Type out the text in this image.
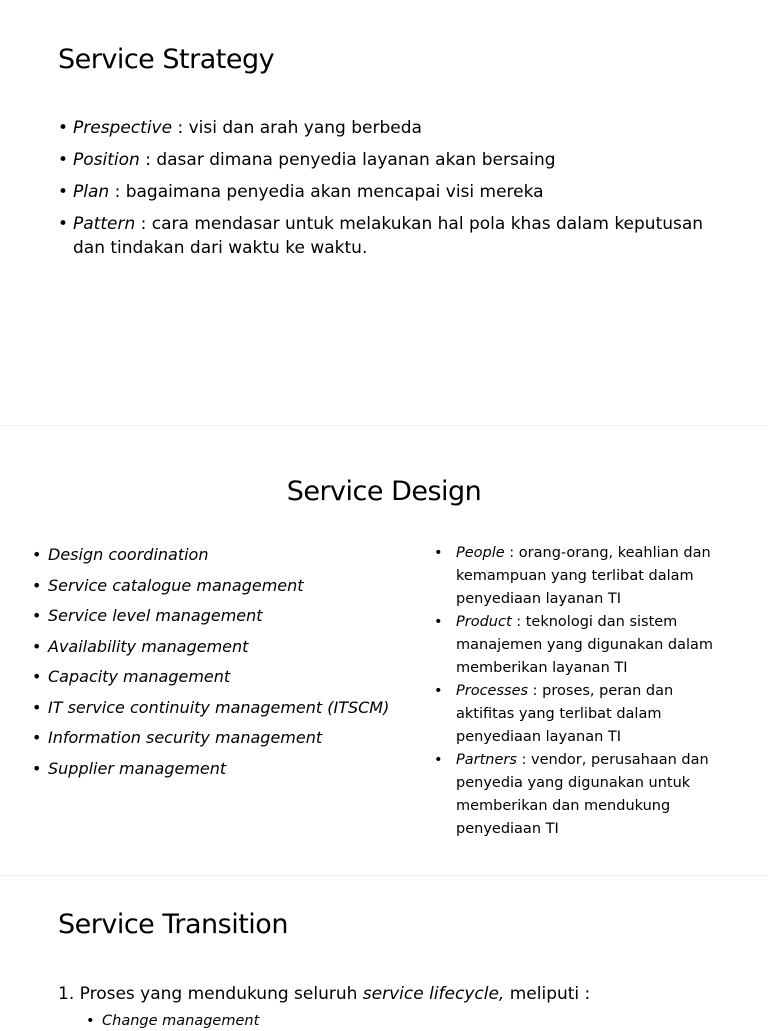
Service Strategy
• Prespective : visi dan arah yang berbeda
• Position : dasar dimana penyedia layanan akan bersaing
• Plan : bagaimana penyedia akan mencapai visi mereka
• Pattern : cara mendasar untuk melakukan hal pola khas dalam keputusan dan tindakan dari waktu ke waktu.
Service Design
• Design coordination
• Service catalogue management
• Service level management
• Availability management
• Capacity management
• IT service continuity management (ITSCM)
• Information security management
• Supplier management
• People : orang-orang, keahlian dan kemampuan yang terlibat dalam penyediaan layanan TI
• Product : teknologi dan sistem manajemen yang digunakan dalam memberikan layanan TI
• Processes : proses, peran dan aktifitas yang terlibat dalam penyediaan layanan TI
• Partners : vendor, perusahaan dan penyedia yang digunakan untuk memberikan dan mendukung penyediaan TI
Service Transition
1. Proses yang mendukung seluruh service lifecycle, meliputi :
• Change management
